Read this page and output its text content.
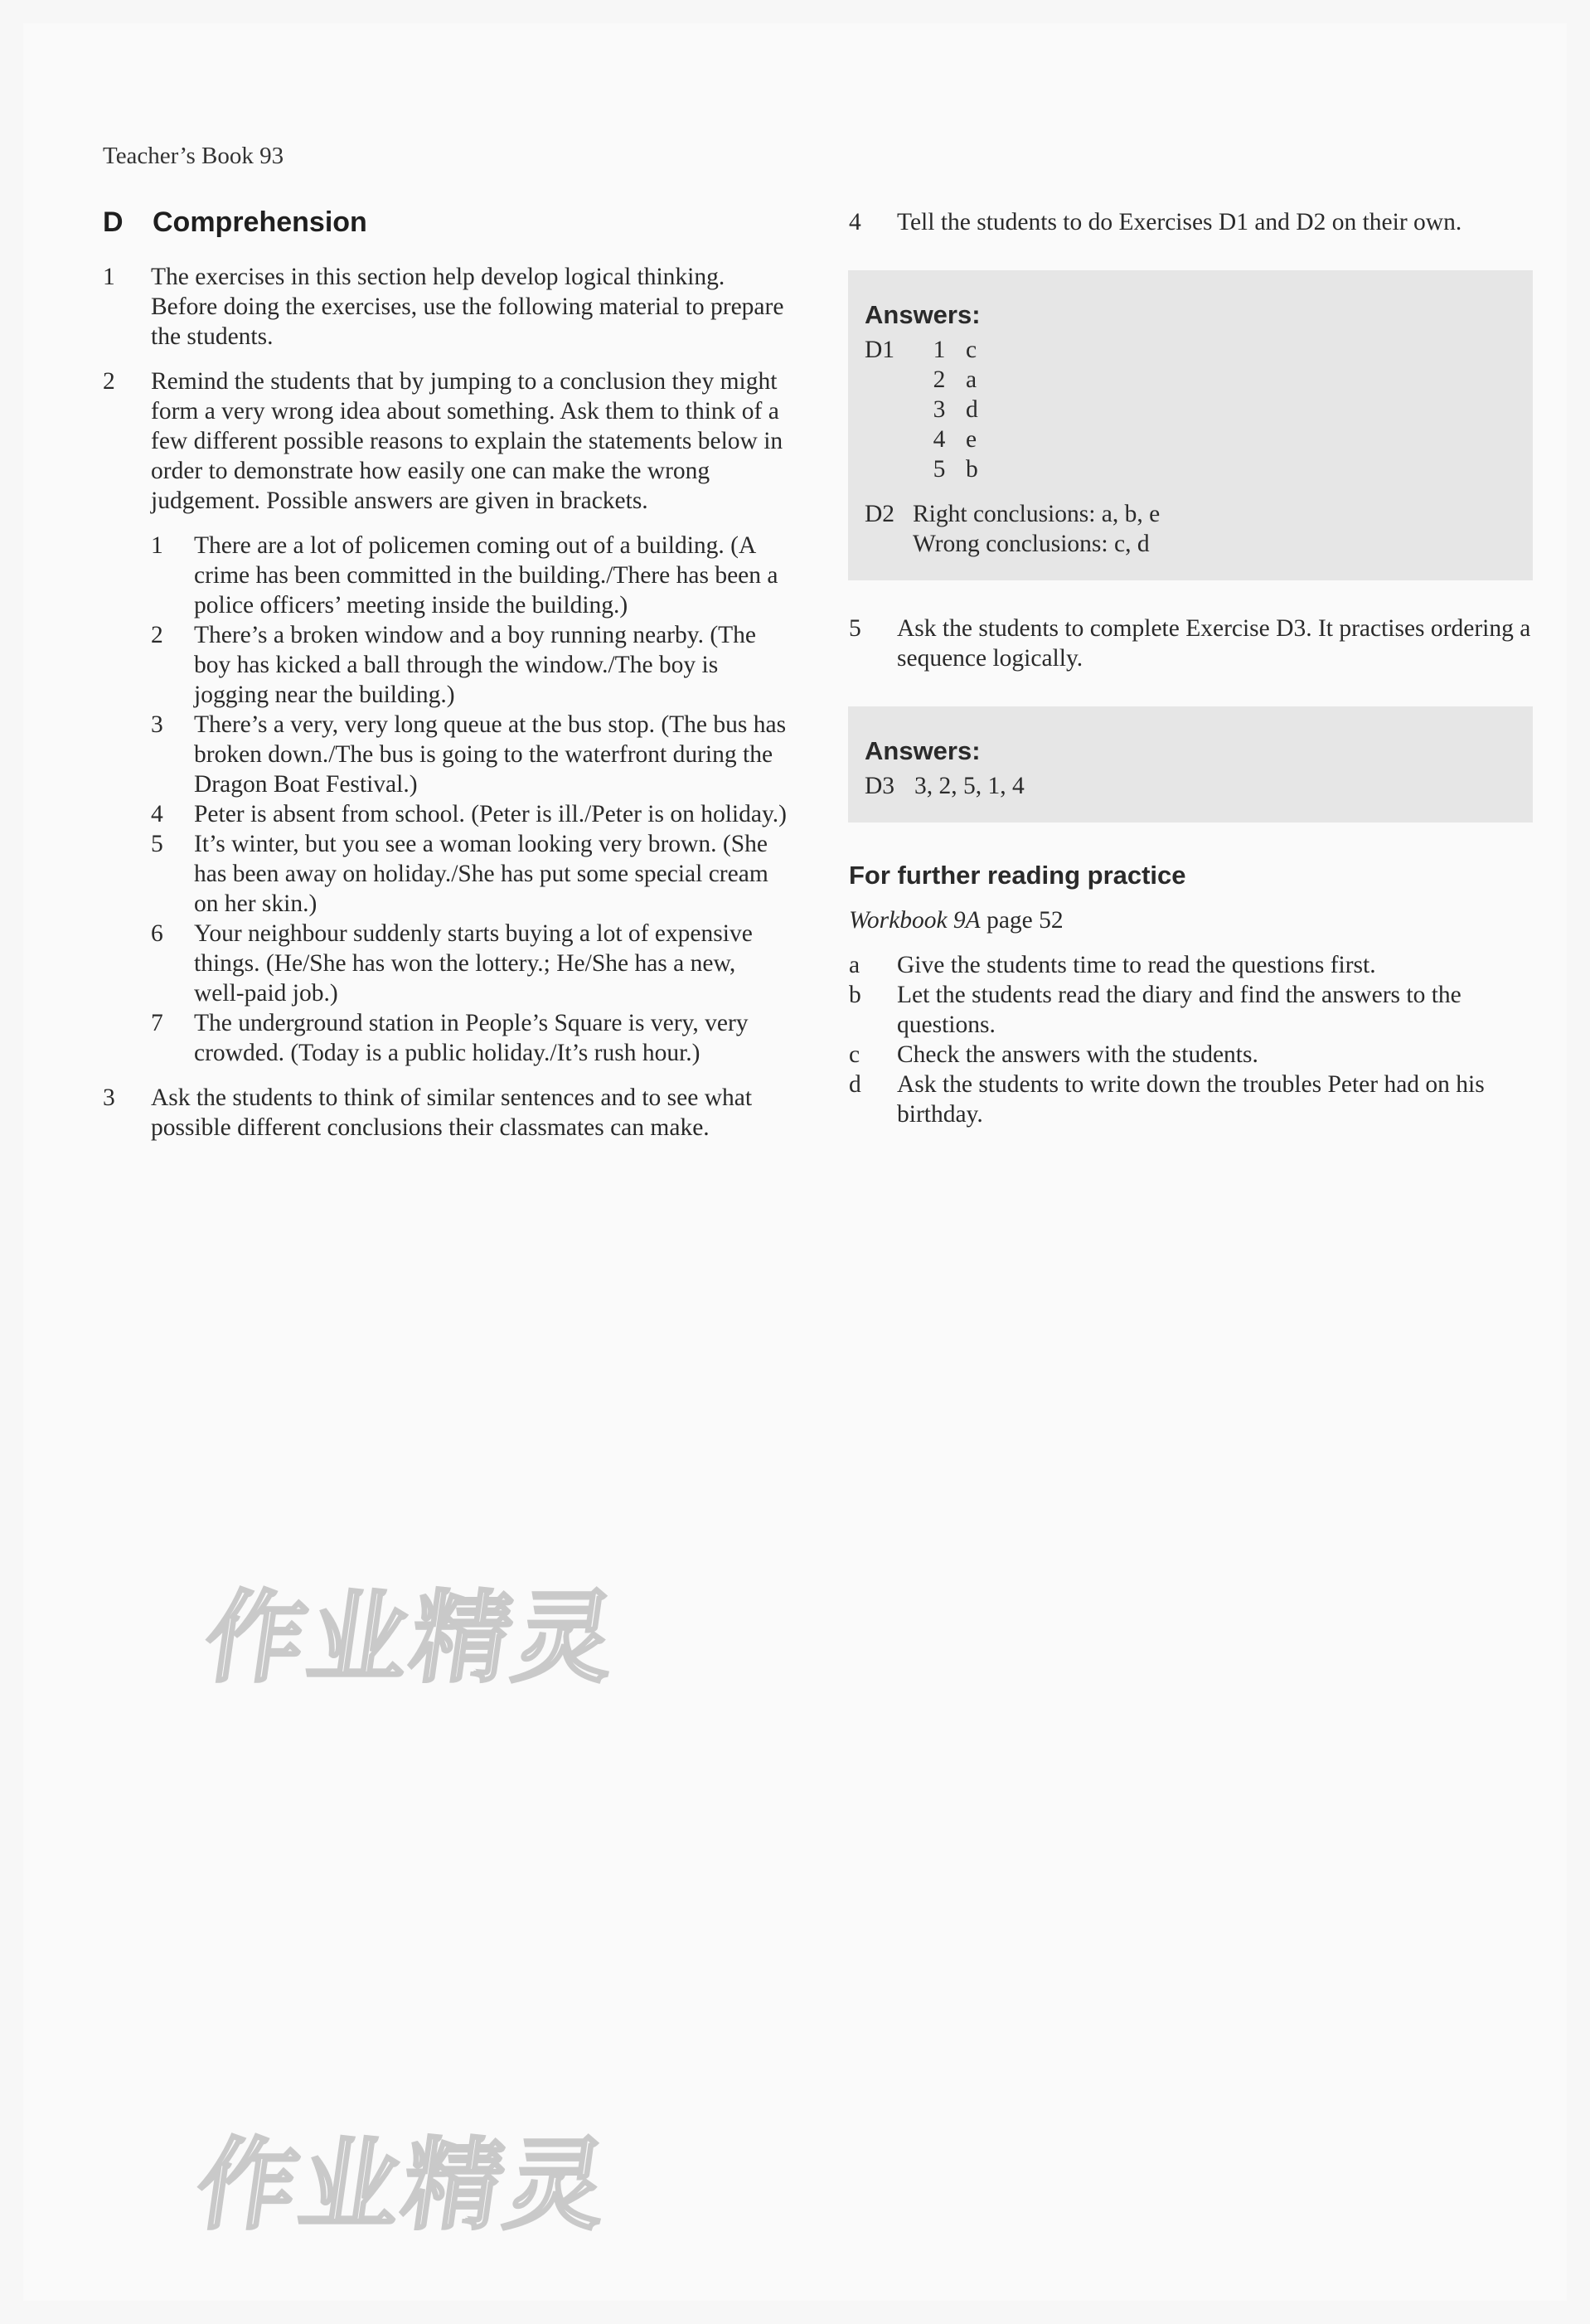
Teacher’s Book 93
D	Comprehension
1	The exercises in this section help develop logical thinking. Before doing the exercises, use the following material to prepare the students.
2	Remind the students that by jumping to a conclusion they might form a very wrong idea about something. Ask them to think of a few different possible reasons to explain the statements below in order to demonstrate how easily one can make the wrong judgement. Possible answers are given in brackets.
1	There are a lot of policemen coming out of a building. (A crime has been committed in the building./There has been a police officers’ meeting inside the building.)
2	There’s a broken window and a boy running nearby. (The boy has kicked a ball through the window./The boy is jogging near the building.)
3	There’s a very, very long queue at the bus stop. (The bus has broken down./The bus is going to the waterfront during the Dragon Boat Festival.)
4	Peter is absent from school. (Peter is ill./Peter is on holiday.)
5	It’s winter, but you see a woman looking very brown. (She has been away on holiday./She has put some special cream on her skin.)
6	Your neighbour suddenly starts buying a lot of expensive things. (He/She has won the lottery.; He/She has a new, well-paid job.)
7	The underground station in People’s Square is very, very crowded. (Today is a public holiday./It’s rush hour.)
3	Ask the students to think of similar sentences and to see what possible different conclusions their classmates can make.
4	Tell the students to do Exercises D1 and D2 on their own.
Answers:
D1	1 c
2 a
3 d
4 e
5 b
D2 Right conclusions: a, b, e
Wrong conclusions: c, d
5	Ask the students to complete Exercise D3. It practises ordering a sequence logically.
Answers:
D3 3, 2, 5, 1, 4
For further reading practice
Workbook 9A page 52
a	Give the students time to read the questions first.
b	Let the students read the diary and find the answers to the questions.
c	Check the answers with the students.
d	Ask the students to write down the troubles Peter had on his birthday.
作业精灵
作业精灵
